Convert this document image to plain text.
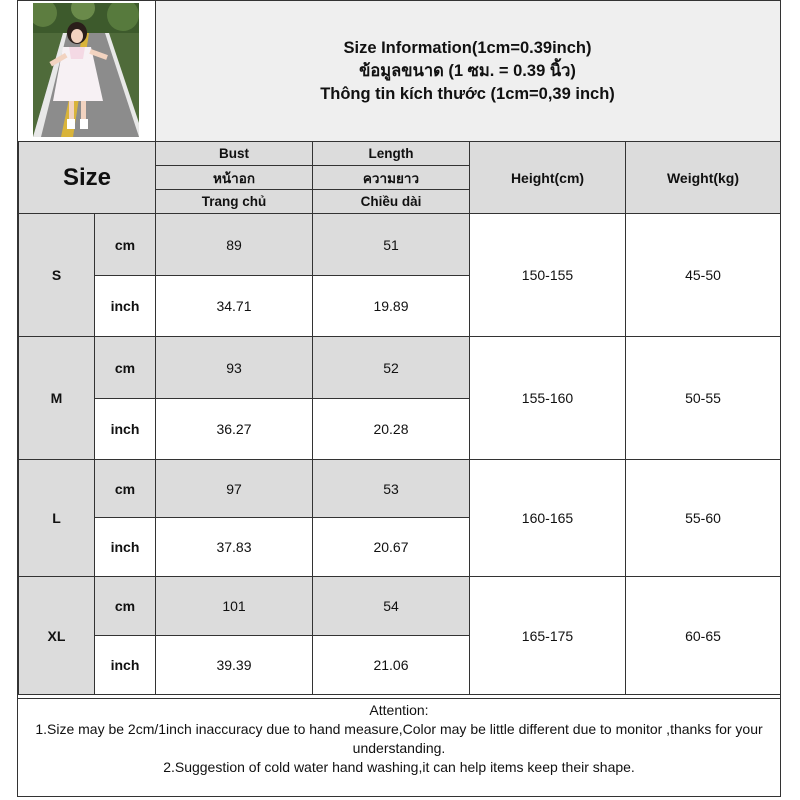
Size Information(1cm=0.39inch)
ข้อมูลขนาด (1 ซม. = 0.39 นิ้ว)
Thông tin kích thước (1cm=0,39 inch)
Size		Bust	Length	Height(cm)	Weight(kg)
		หน้าอก	ความยาว		
		Trang chủ	Chiều dài		
S	cm	89	51	150-155	45-50
	inch	34.71	19.89		
M	cm	93	52	155-160	50-55
	inch	36.27	20.28		
L	cm	97	53	160-165	55-60
	inch	37.83	20.67		
XL	cm	101	54	165-175	60-65
	inch	39.39	21.06		
Attention:
1.Size may be 2cm/1inch inaccuracy due to hand measure,Color may be little different due to monitor ,thanks for your understanding.
2.Suggestion of cold water hand washing,it can help items keep their shape.
